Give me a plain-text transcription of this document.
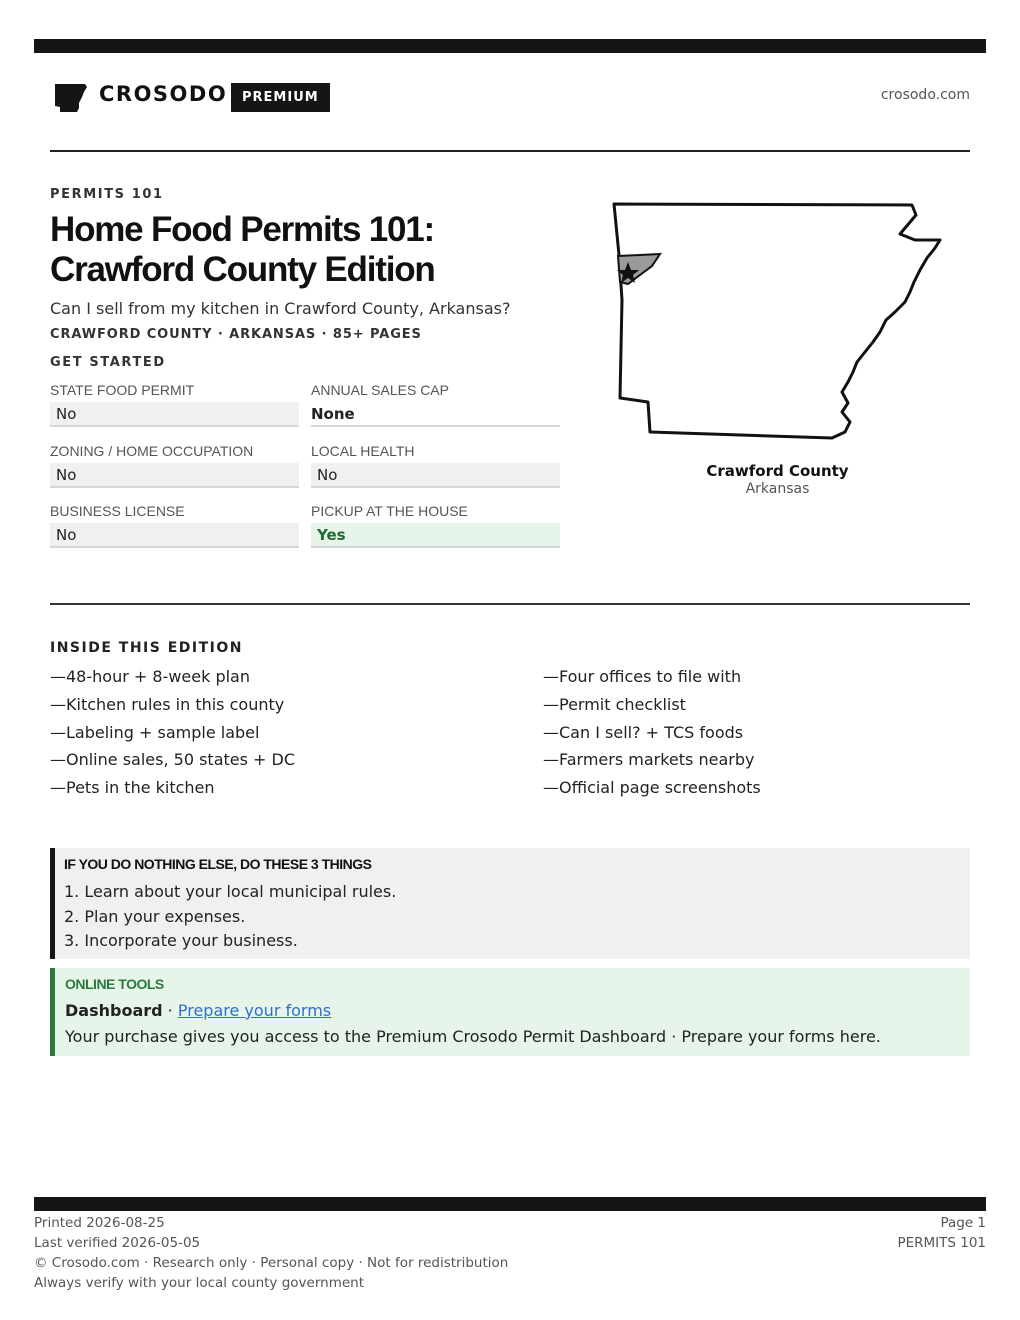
CROSODO	PREMIUM	crosodo.com
PERMITS 101
Home Food Permits 101:
Crawford County Edition
Can I sell from my kitchen in Crawford County, Arkansas?
CRAWFORD COUNTY · ARKANSAS · 85+ PAGES
GET STARTED
STATE FOOD PERMIT
No
ANNUAL SALES CAP
None
ZONING / HOME OCCUPATION
No
LOCAL HEALTH
No
BUSINESS LICENSE
No
PICKUP AT THE HOUSE
Yes
Crawford County
Arkansas
INSIDE THIS EDITION
—48-hour + 8-week plan
—Kitchen rules in this county
—Labeling + sample label
—Online sales, 50 states + DC
—Pets in the kitchen
—Four offices to file with
—Permit checklist
—Can I sell? + TCS foods
—Farmers markets nearby
—Official page screenshots
IF YOU DO NOTHING ELSE, DO THESE 3 THINGS
1. Learn about your local municipal rules.
2. Plan your expenses.
3. Incorporate your business.
ONLINE TOOLS
Dashboard · Prepare your forms
Your purchase gives you access to the Premium Crosodo Permit Dashboard · Prepare your forms here.
Printed 2026-08-25
Last verified 2026-05-05
© Crosodo.com · Research only · Personal copy · Not for redistribution
Always verify with your local county government
Page 1
PERMITS 101
